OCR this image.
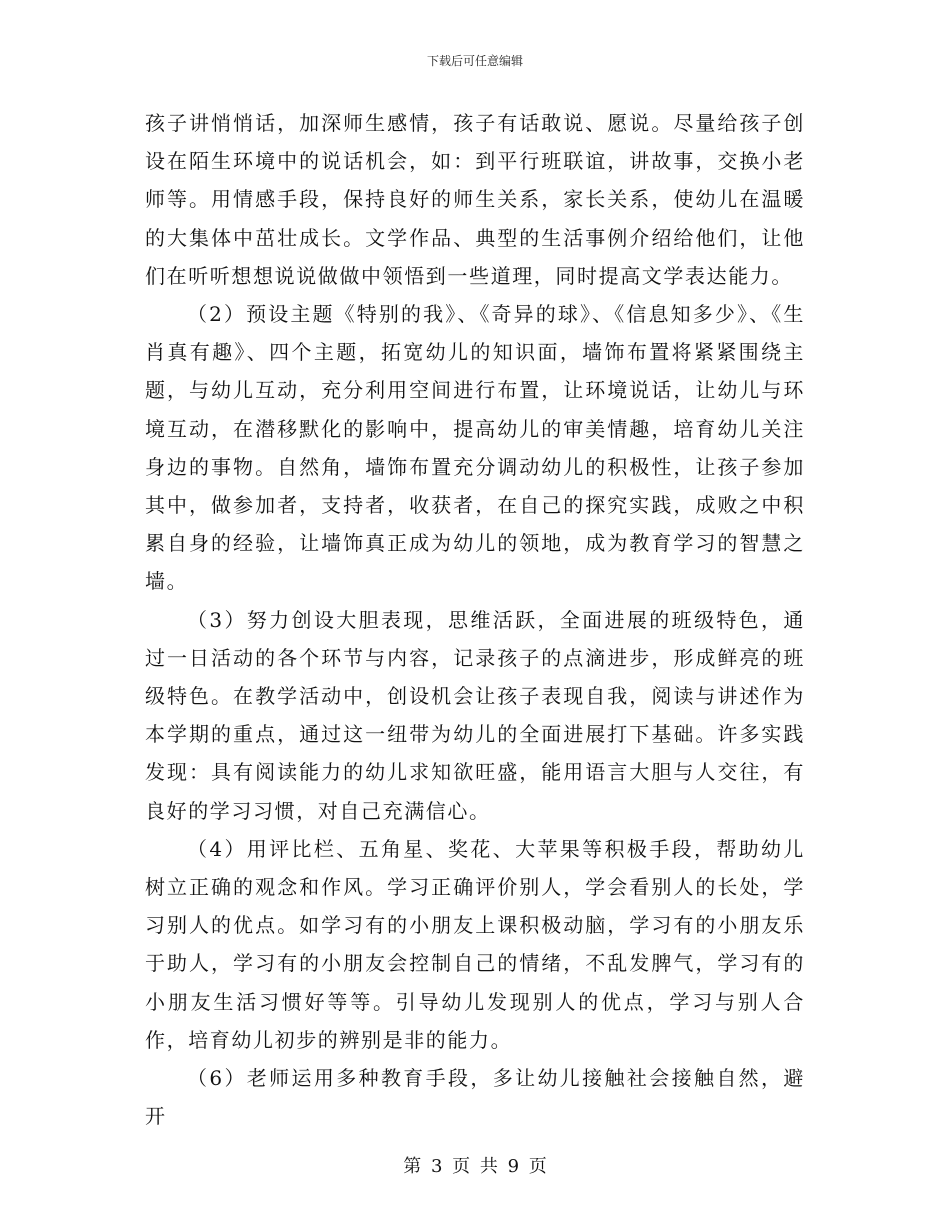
下载后可任意编辑

孩子讲悄悄话，加深师生感情，孩子有话敢说、愿说。尽量给孩子创设在陌生环境中的说话机会，如：到平行班联谊，讲故事，交换小老师等。用情感手段，保持良好的师生关系，家长关系，使幼儿在温暖的大集体中茁壮成长。文学作品、典型的生活事例介绍给他们，让他们在听听想想说说做做中领悟到一些道理，同时提高文学表达能力。

（2）预设主题《特别的我》、《奇异的球》、《信息知多少》、《生肖真有趣》、四个主题，拓宽幼儿的知识面，墙饰布置将紧紧围绕主题，与幼儿互动，充分利用空间进行布置，让环境说话，让幼儿与环境互动，在潜移默化的影响中，提高幼儿的审美情趣，培育幼儿关注身边的事物。自然角，墙饰布置充分调动幼儿的积极性，让孩子参加其中，做参加者，支持者，收获者，在自己的探究实践，成败之中积累自身的经验，让墙饰真正成为幼儿的领地，成为教育学习的智慧之墙。

（3）努力创设大胆表现，思维活跃，全面进展的班级特色，通过一日活动的各个环节与内容，记录孩子的点滴进步，形成鲜亮的班级特色。在教学活动中，创设机会让孩子表现自我，阅读与讲述作为本学期的重点，通过这一纽带为幼儿的全面进展打下基础。许多实践发现：具有阅读能力的幼儿求知欲旺盛，能用语言大胆与人交往，有良好的学习习惯，对自己充满信心。

（4）用评比栏、五角星、奖花、大苹果等积极手段，帮助幼儿树立正确的观念和作风。学习正确评价别人，学会看别人的长处，学习别人的优点。如学习有的小朋友上课积极动脑，学习有的小朋友乐于助人，学习有的小朋友会控制自己的情绪，不乱发脾气，学习有的小朋友生活习惯好等等。引导幼儿发现别人的优点，学习与别人合作，培育幼儿初步的辨别是非的能力。

（6）老师运用多种教育手段，多让幼儿接触社会接触自然，避开

第 3 页 共 9 页
